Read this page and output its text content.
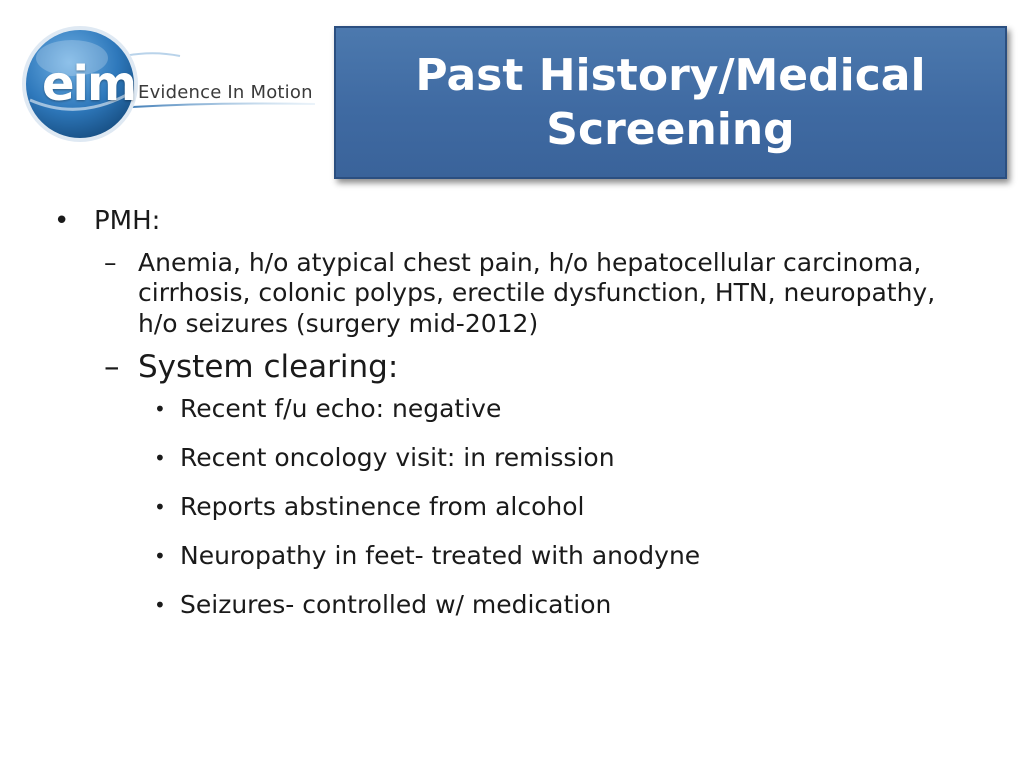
eim Evidence In Motion	Past History/Medical Screening
• PMH:
– Anemia, h/o atypical chest pain, h/o hepatocellular carcinoma, cirrhosis, colonic polyps, erectile dysfunction, HTN, neuropathy, h/o seizures (surgery mid-2012)
– System clearing:
• Recent f/u echo: negative
• Recent oncology visit: in remission
• Reports abstinence from alcohol
• Neuropathy in feet- treated with anodyne
• Seizures- controlled w/ medication
